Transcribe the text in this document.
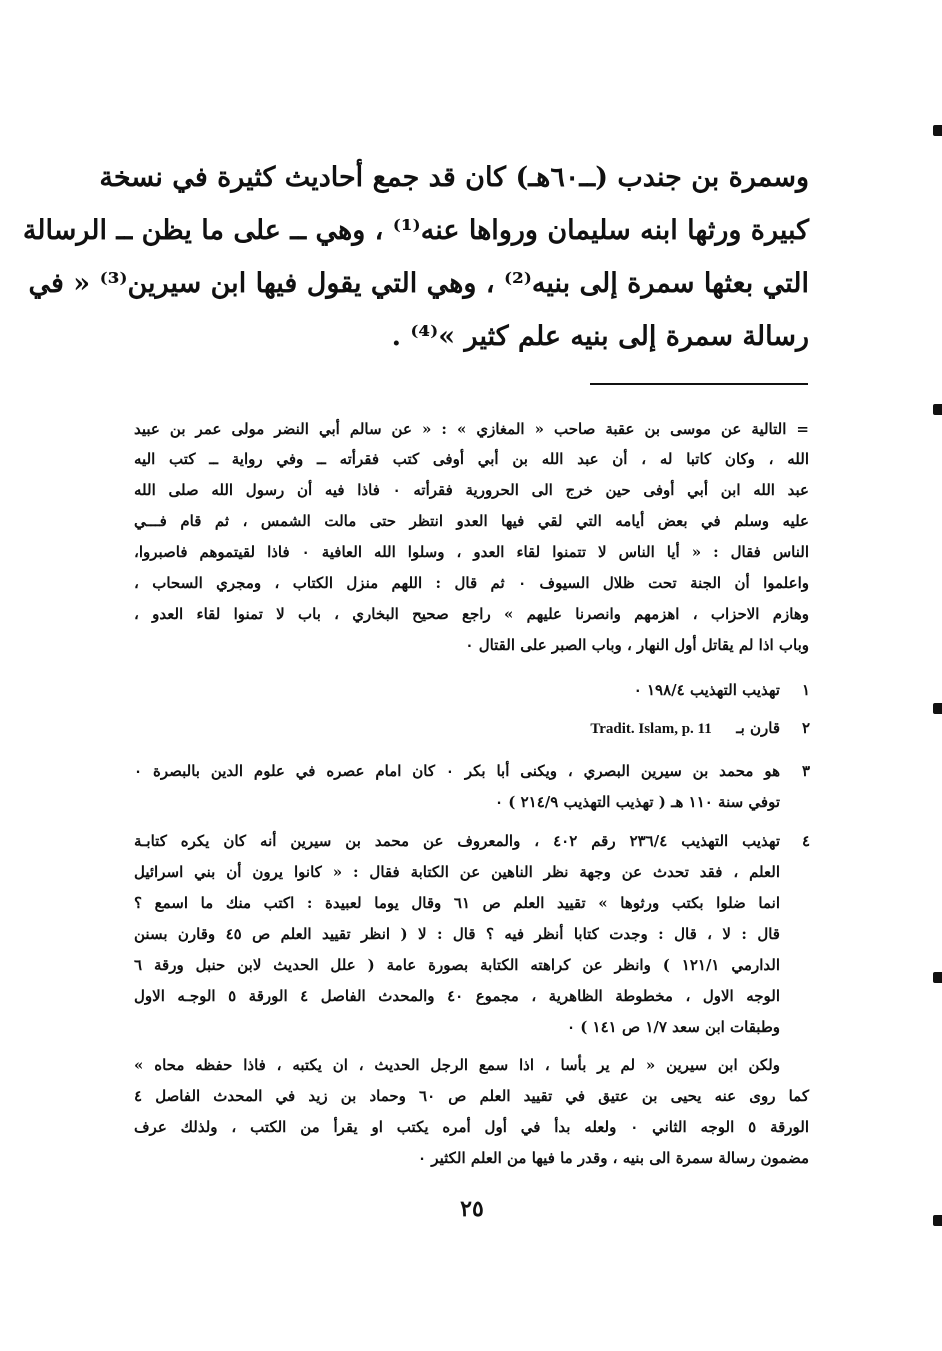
وسمرة بن جندب (ــ٦٠هـ) كان قد جمع أحاديث كثيرة في نسخة
كبيرة ورثها ابنه سليمان ورواها عنه⁽¹⁾ ، وهي ــ على ما يظن ــ الرسالة
التي بعثها سمرة إلى بنيه⁽²⁾ ، وهي التي يقول فيها ابن سيرين⁽³⁾ « في
رسالة سمرة إلى بنيه علم كثير »⁽⁴⁾ .
= التالية عن موسى بن عقبة صاحب « المغازي » : « عن سالم أبي النضر مولى عمر بن عبيد
الله ، وكان كاتبا له ، أن عبد الله بن أبي أوفى كتب فقرأته ــ وفي رواية ــ كتب اليه
عبد الله ابن أبي أوفى حين خرج الى الحرورية فقرأته ٠ فاذا فيه أن رسول الله صلى الله
عليه وسلم في بعض أيامه التي لقي فيها العدو انتظر حتى مالت الشمس ، ثم قام فـــي
الناس فقال : « أيا الناس لا تتمنوا لقاء العدو ، وسلوا الله العافية ٠ فاذا لقيتموهم فاصبروا،
واعلموا أن الجنة تحت ظلال السيوف ٠ ثم قال : اللهم منزل الكتاب ، ومجري السحاب ،
وهازم الاحزاب ، اهزمهم وانصرنا عليهم » راجع صحيح البخاري ، باب لا تمنوا لقاء العدو ،
وباب اذا لم يقاتل أول النهار ، وباب الصبر على القتال ٠
١
تهذيب التهذيب ١٩٨/٤ ٠
٢
قارن بـ  Tradit. Islam, p. 11
٣
هو محمد بن سيرين البصري ، ويكنى أبا بكر ٠ كان امام عصره في علوم الدين بالبصرة ٠
توفي سنة ١١٠ هـ ( تهذيب التهذيب ٢١٤/٩ ) ٠
٤
تهذيب التهذيب ٢٣٦/٤ رقم ٤٠٢ ، والمعروف عن محمد بن سيرين أنه كان يكره كتابـة
العلم ، فقد تحدث عن وجهة نظر الناهين عن الكتابة فقال : « كانوا يرون أن بني اسرائيل
انما ضلوا بكتب ورثوها » تقييد العلم ص ٦١ وقال يوما لعبيدة : اكتب منك ما اسمع ؟
قال : لا ، قال : وجدت كتابا أنظر فيه ؟ قال : لا ( انظر تقييد العلم ص ٤٥ وقارن بسنن
الدارمي ١٢١/١ ) وانظر عن كراهته الكتابة بصورة عامة ( علل الحديث لابن حنبل ورقة ٦
الوجه الاول ، مخطوطة الظاهرية ، مجموع ٤٠ والمحدث الفاصل ٤ الورقة ٥ الوجـه الاول
وطبقات ابن سعد ١/٧ ص ١٤١ ) ٠
ولكن ابن سيرين « لم ير بأسا ، اذا سمع الرجل الحديث ، ان يكتبه ، فاذا حفظه محاه »
كما روى عنه يحيى بن عتيق في تقييد العلم ص ٦٠ وحماد بن زيد في المحدث الفاصل ٤
الورقة ٥ الوجه الثاني ٠ ولعله بدأ في أول أمره يكتب او يقرأ من الكتب ، ولذلك عرف
مضمون رسالة سمرة الى بنيه ، وقدر ما فيها من العلم الكثير ٠
٢٥
